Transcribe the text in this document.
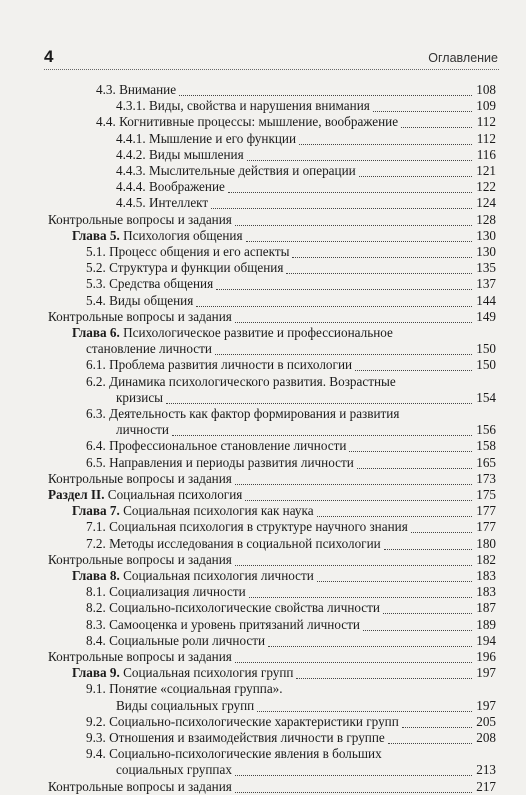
4	Оглавление
4.3. Внимание	108
4.3.1. Виды, свойства и нарушения внимания	109
4.4. Когнитивные процессы: мышление, воображение	112
4.4.1. Мышление и его функции	112
4.4.2. Виды мышления	116
4.4.3. Мыслительные действия и операции	121
4.4.4. Воображение	122
4.4.5. Интеллект	124
Контрольные вопросы и задания	128
Глава 5. Психология общения	130
5.1. Процесс общения и его аспекты	130
5.2. Структура и функции общения	135
5.3. Средства общения	137
5.4. Виды общения	144
Контрольные вопросы и задания	149
Глава 6. Психологическое развитие и профессиональное
становление личности	150
6.1. Проблема развития личности в психологии	150
6.2. Динамика психологического развития. Возрастные
кризисы	154
6.3. Деятельность как фактор формирования и развития
личности	156
6.4. Профессиональное становление личности	158
6.5. Направления и периоды развития личности	165
Контрольные вопросы и задания	173
Раздел II. Социальная психология	175
Глава 7. Социальная психология как наука	177
7.1. Социальная психология в структуре научного знания	177
7.2. Методы исследования в социальной психологии	180
Контрольные вопросы и задания	182
Глава 8. Социальная психология личности	183
8.1. Социализация личности	183
8.2. Социально-психологические свойства личности	187
8.3. Самооценка и уровень притязаний личности	189
8.4. Социальные роли личности	194
Контрольные вопросы и задания	196
Глава 9. Социальная психология групп	197
9.1. Понятие «социальная группа».
Виды социальных групп	197
9.2. Социально-психологические характеристики групп	205
9.3. Отношения и взаимодействия личности в группе	208
9.4. Социально-психологические явления в больших
социальных группах	213
Контрольные вопросы и задания	217
